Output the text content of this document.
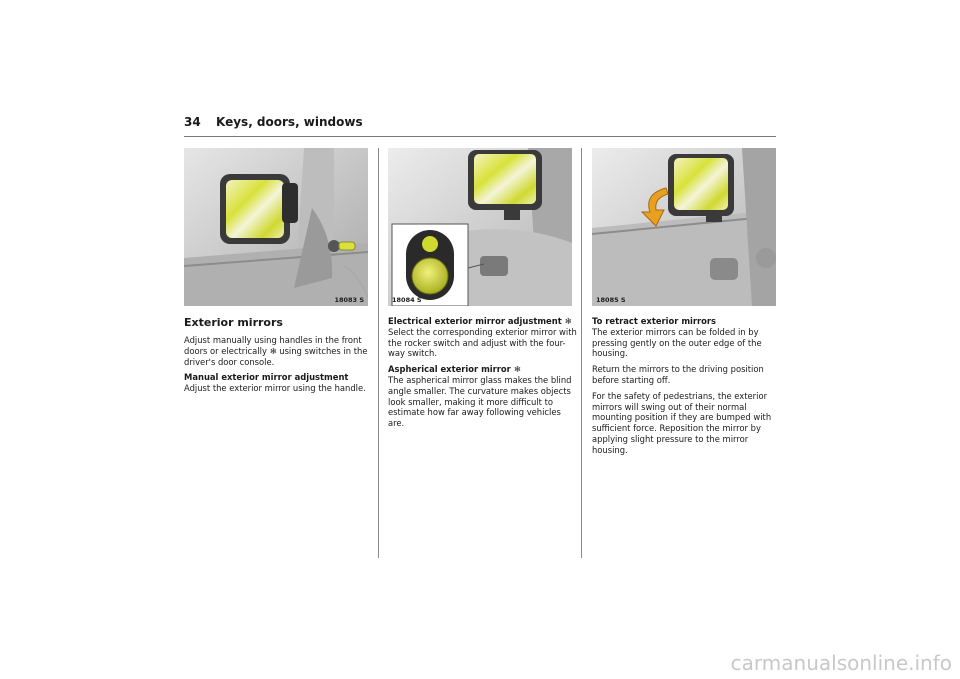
34 Keys, doors, windows
18083 S	18084 S	18085 S

Exterior mirrors

Adjust manually using handles in the front doors or electrically ❄ using switches in the driver's door console.

Manual exterior mirror adjustment
Adjust the exterior mirror using the handle.

Electrical exterior mirror adjustment ❄
Select the corresponding exterior mirror with the rocker switch and adjust with the four-way switch.

Aspherical exterior mirror ❄
The aspherical mirror glass makes the blind angle smaller. The curvature makes objects look smaller, making it more difficult to estimate how far away following vehicles are.

To retract exterior mirrors
The exterior mirrors can be folded in by pressing gently on the outer edge of the housing.

Return the mirrors to the driving position before starting off.

For the safety of pedestrians, the exterior mirrors will swing out of their normal mounting position if they are bumped with sufficient force. Reposition the mirror by applying slight pressure to the mirror housing.

carmanualsonline.info
